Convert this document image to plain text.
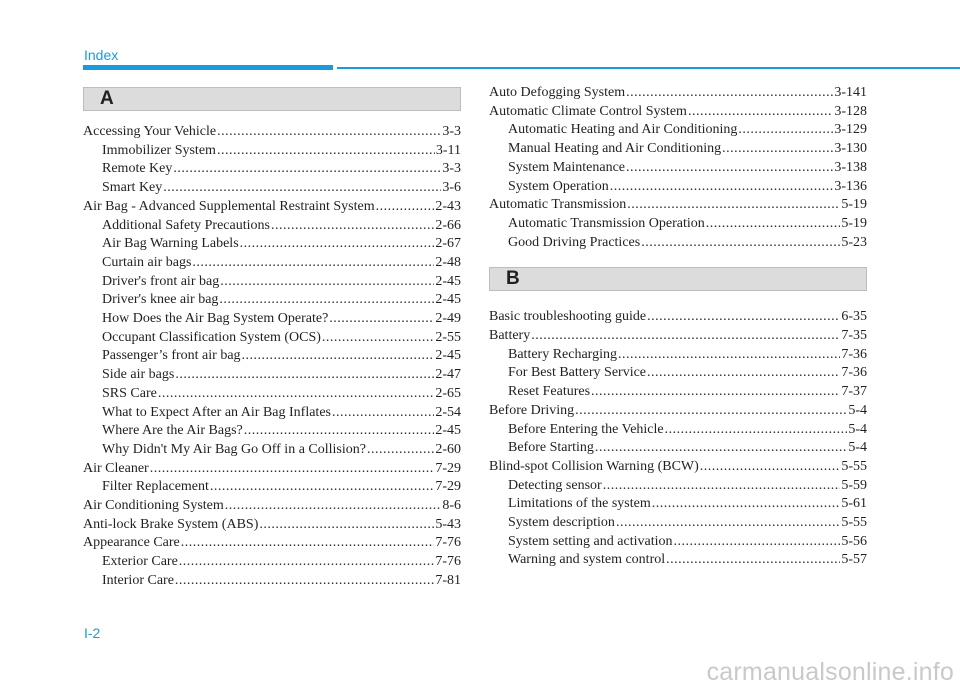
Index
A
Accessing Your Vehicle .....	3-3
Immobilizer System .....	3-11
Remote Key .....	3-3
Smart Key .....	3-6
Air Bag - Advanced Supplemental Restraint System .....	2-43
Additional Safety Precautions .....	2-66
Air Bag Warning Labels .....	2-67
Curtain air bags .....	2-48
Driver's front air bag .....	2-45
Driver's knee air bag .....	2-45
How Does the Air Bag System Operate? .....	2-49
Occupant Classification System (OCS) .....	2-55
Passenger’s front air bag .....	2-45
Side air bags .....	2-47
SRS Care .....	2-65
What to Expect After an Air Bag Inflates .....	2-54
Where Are the Air Bags? .....	2-45
Why Didn't My Air Bag Go Off in a Collision? .....	2-60
Air Cleaner .....	7-29
Filter Replacement .....	7-29
Air Conditioning System .....	8-6
Anti-lock Brake System (ABS) .....	5-43
Appearance Care .....	7-76
Exterior Care .....	7-76
Interior Care .....	7-81
Auto Defogging System .....	3-141
Automatic Climate Control System .....	3-128
Automatic Heating and Air Conditioning .....	3-129
Manual Heating and Air Conditioning .....	3-130
System Maintenance .....	3-138
System Operation .....	3-136
Automatic Transmission .....	5-19
Automatic Transmission Operation .....	5-19
Good Driving Practices .....	5-23
B
Basic troubleshooting guide .....	6-35
Battery .....	7-35
Battery Recharging .....	7-36
For Best Battery Service .....	7-36
Reset Features .....	7-37
Before Driving .....	5-4
Before Entering the Vehicle .....	5-4
Before Starting .....	5-4
Blind-spot Collision Warning (BCW) .....	5-55
Detecting sensor .....	5-59
Limitations of the system .....	5-61
System description .....	5-55
System setting and activation .....	5-56
Warning and system control .....	5-57
I-2
carmanualsonline.info
